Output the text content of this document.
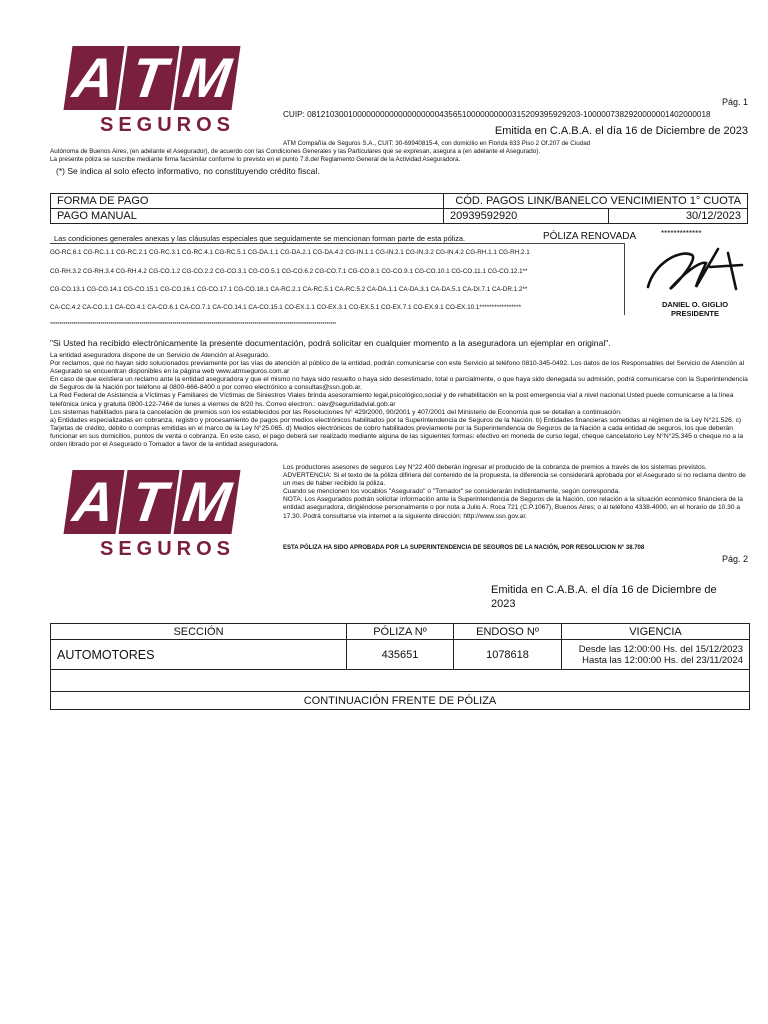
A T M
SEGUROS
Pág. 1
CUIP: 08121030010000000000000000000435651000000000031520939592920​3-1000007382920000001402000018
Emitida en C.A.B.A. el día 16 de Diciembre de 2023
ATM Compañía de Seguros S.A., CUIT: 30-69940815-4, con domicilio en Florida 833 Piso 2 Of.207 de Ciudad
Autónoma de Buenos Aires, (en adelante el Asegurador), de acuerdo con las Condiciones Generales y las Particulares que se expresan, asegura a (en adelante el Asegurado).
La presente póliza se suscribe mediante firma facsimilar conforme lo previsto en el punto 7.8.del Reglamento General de la Actividad Aseguradora.
(*) Se indica al solo efecto informativo, no constituyendo crédito fiscal.
FORMA DE PAGO	CÓD. PAGOS LINK/BANELCO VENCIMIENTO 1° CUOTA	
PAGO MANUAL	20939592920	30/12/2023
Las condiciones generales anexas y las cláusulas especiales que seguidamente se mencionan forman parte de esta póliza.	PÓLIZA RENOVADA	*************
GO-RC.6.1 CG-RC.1.1 CG-RC.2.1 CG-RC.3.1 CG-RC.4.1 CG-RC.5.1 CG-DA.1.1 CG-DA.2.1 CG-DA.4.2 CG-IN.1.1 CG-IN.2.1 CG-IN.3.2 CG-IN.4.2 CG-RH.1.1 CG-RH.2.1
CG-RH.3.2 CG-RH.3.4 CG-RH.4.2 CG-CO.1.2 CG-CO.2.2 CG-CO.3.1 CG-CO.5.1 CG-CO.6.2 CG-CO.7.1 CG-CO.8.1 CG-CO.9.1 CG-CO.10.1 CG-CO.11.1 CG-CO.12.1**
CG-CO.13.1 CG-CO.14.1 CG-CO.15.1 CG-CO.16.1 CG-CO.17.1 CG-CO.18.1 CA-RC.2.1 CA-RC.5.1 CA-RC.5.2 CA-DA.1.1 CA-DA.3.1 CA-DA.5.1 CA-DI.7.1 CA-DR.1.2**
CA-CC.4.2 CA-CO.1.1 CA-CO.4.1 CA-CO.6.1 CA-CO.7.1 CA-CO.14.1 CA-CO.15.1 CO-EX.1.1 CO-EX.3.1 CO-EX.5.1 CO-EX.7.1 CO-EX.9.1 CO-EX.10.1*****************
***************************************************************************************************************************************************
DANIEL O. GIGLIO
PRESIDENTE
"Si Usted ha recibido electrónicamente la presente documentación, podrá solicitar en cualquier momento a la aseguradora un ejemplar en original".
La entidad aseguradora dispone de un Servicio de Atención al Asegurado.
Por reclamos, que no hayan sido solucionados previamente por las vías de atención al público de la entidad, podrán comunicarse con este Servicio al teléfono 0810-345-0492. Los datos de los Responsables del Servicio de Atención al Asegurado se encuentran disponibles en la página web www.atmseguros.com.ar
En caso de que existiera un reclamo ante la entidad aseguradora y que el mismo no haya sido resuelto o haya sido desestimado, total o parcialmente, o que haya sido denegada su admisión, podrá comunicarse con la Superintendencia de Seguros de la Nación por teléfono al 0800-666-8400 o por correo electrónico a consultas@ssn.gob.ar.
La Red Federal de Asistencia a Víctimas y Familiares de Víctimas de Siniestros Viales brinda asesoramiento legal,psicológico,social y de rehabilitación en la post emergencia vial a nivel nacional.Usted puede comunicarse a la línea telefónica única y gratuita 0800-122-7464 de lunes a viernes de 8/20 hs. Correo electron.: oav@seguridadvial.gob.ar
Los sistemas habilitados para la cancelación de premios son los establecidos por las Resoluciones N° 429/2000, 90/2001 y 407/2001 del Ministerio de Economía que se detallan a continuación:
a) Entidades especializadas en cobranza, registro y procesamiento de pagos por medios electrónicos habilitados por la Superintendencia de Seguros de la Nación. b) Entidades financieras sometidas al régimen de la Ley N°21.526. c) Tarjetas de crédito, débito o compras emitidas en el marco de la Ley N°25.065. d) Medios electrónicos de cobro habilitados previamente por la Superintendencia de Seguros de la Nación a cada entidad de seguros, los que deberán funcionar en sus domicilios, puntos de venta o cobranza. En este caso, el pago deberá ser realizado mediante alguna de las siguientes formas: efectivo en moneda de curso legal, cheque cancelatorio Ley N°N°25.345 o cheque no a la orden librado por el Asegurado o Tomador a favor de la entidad aseguradora.
Los productores asesores de seguros Ley N°22.400 deberán ingresar el producido de la cobranza de premios a través de los sistemas previstos.
ADVERTENCIA: Si el texto de la póliza difiriera del contenido de la propuesta, la diferencia se considerará aprobada por el Asegurado si no reclama dentro de un mes de haber recibido la póliza.
Cuando se mencionen los vocablos "Asegurado" o "Tomador" se considerarán indistintamente, según corresponda.
NOTA: Los Asegurados podrán solicitar información ante la Superintendencia de Seguros de la Nación, con relación a la situación económico financiera de la entidad aseguradora, dirigiéndose personalmente o por nota a Julio A. Roca 721 (C.P.1067), Buenos Aires; o al teléfono 4338-4000, en el horario de 10.30 a 17.30. Podrá consultarse vía internet a la siguiente dirección: http://www.ssn.gov.ar.
ESTA PÓLIZA HA SIDO APROBADA POR LA SUPERINTENDENCIA DE SEGUROS DE LA NACIÓN, POR RESOLUCION N° 38.708
A T M
SEGUROS	Pág. 2
Emitida en C.A.B.A. el día 16 de Diciembre de
2023
SECCIÓN	PÓLIZA Nº	ENDOSO Nº	VIGENCIA
AUTOMOTORES	435651	1078618	Desde las 12:00:00 Hs. del 15/12/2023
Hasta las 12:00:00 Hs. del 23/11/2024

CONTINUACIÓN FRENTE DE PÓLIZA			
